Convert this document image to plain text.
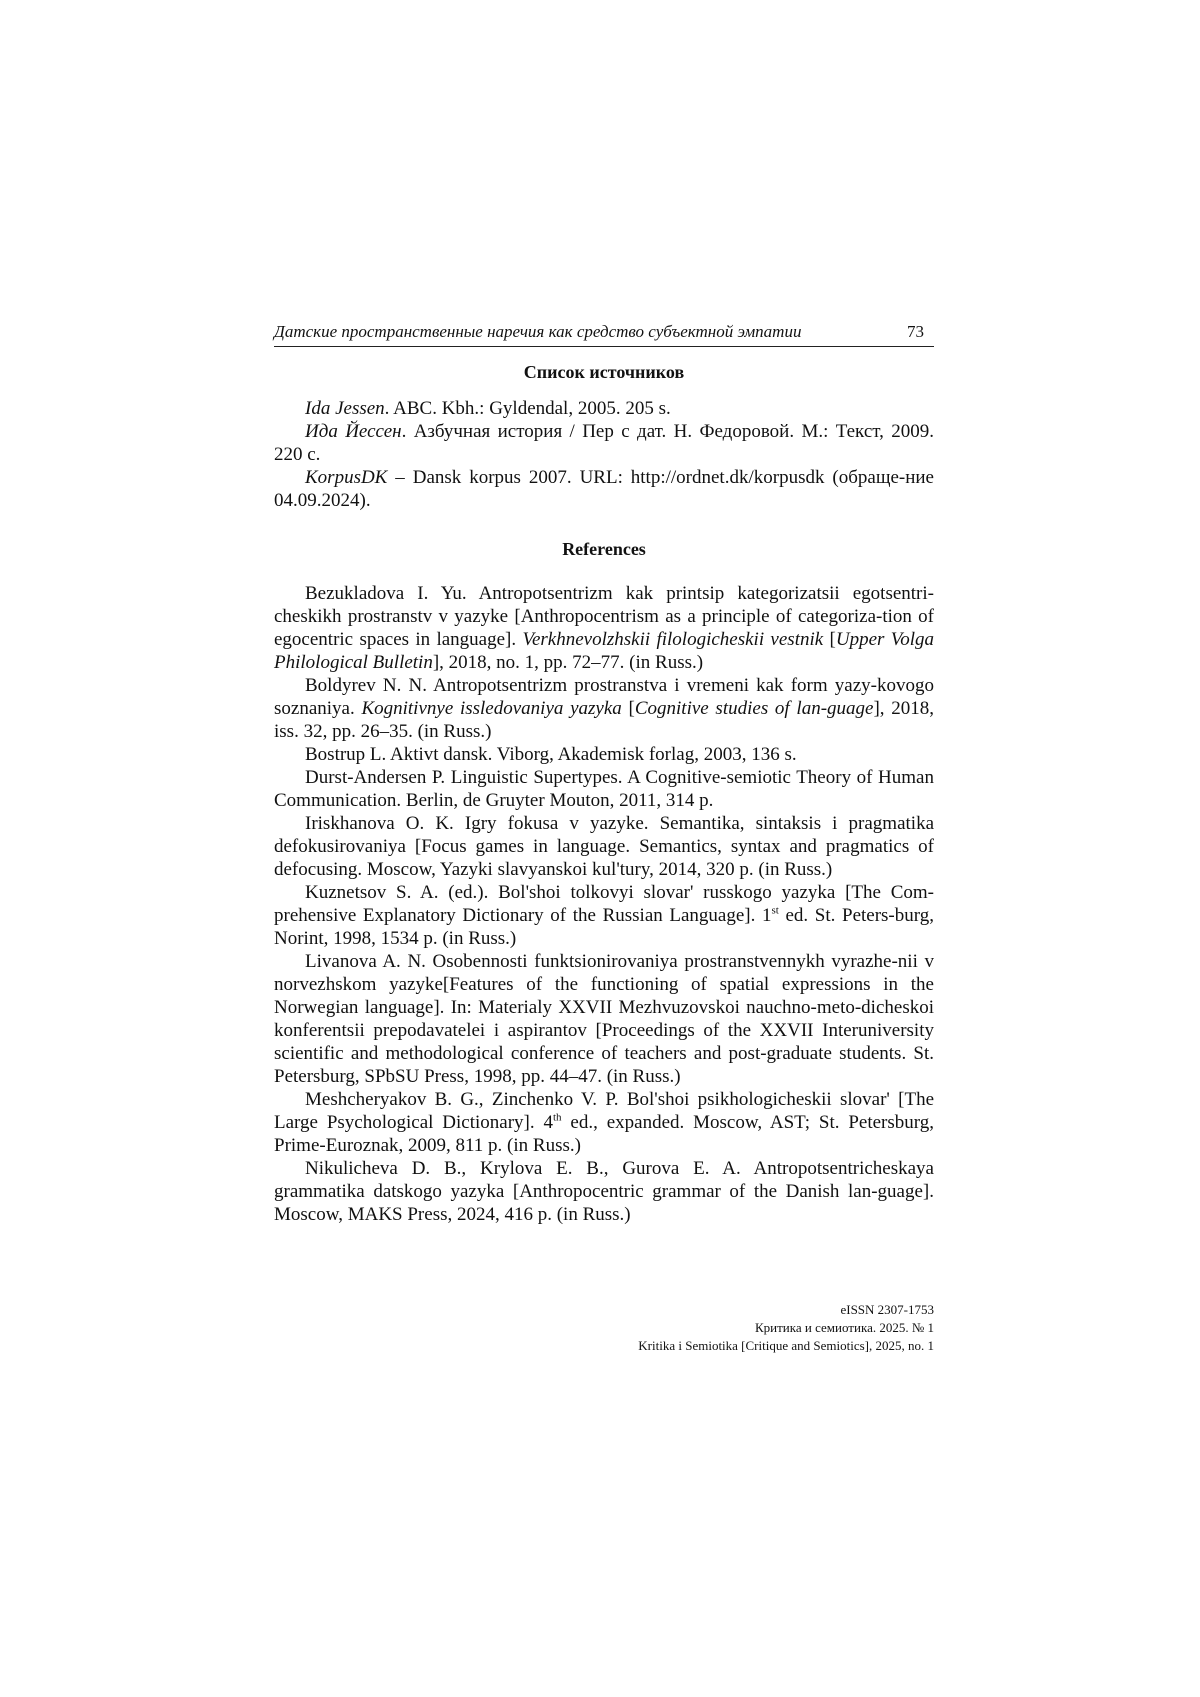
Датские пространственные наречия как средство субъектной эмпатии	73
Список источников

Ida Jessen. ABC. Kbh.: Gyldendal, 2005. 205 s.

Ида Йессен. Азбучная история / Пер с дат. Н. Федоровой. М.: Текст, 2009. 220 с.

KorpusDK – Dansk korpus 2007. URL: http://ordnet.dk/korpusdk (обраще-ние 04.09.2024).

References

Bezukladova I. Yu. Antropotsentrizm kak printsip kategorizatsii egotsentri-cheskikh prostranstv v yazyke [Anthropocentrism as a principle of categoriza-tion of egocentric spaces in language]. Verkhnevolzhskii filologicheskii vestnik [Upper Volga Philological Bulletin], 2018, no. 1, pp. 72–77. (in Russ.)

Boldyrev N. N. Antropotsentrizm prostranstva i vremeni kak form yazy-kovogo soznaniya. Kognitivnye issledovaniya yazyka [Cognitive studies of lan-guage], 2018, iss. 32, pp. 26–35. (in Russ.)

Bostrup L. Aktivt dansk. Viborg, Akademisk forlag, 2003, 136 s.

Durst-Andersen P. Linguistic Supertypes. A Cognitive-semiotic Theory of Human Communication. Berlin, de Gruyter Mouton, 2011, 314 p.

Iriskhanova O. K. Igry fokusa v yazyke. Semantika, sintaksis i pragmatika defokusirovaniya [Focus games in language. Semantics, syntax and pragmatics of defocusing. Moscow, Yazyki slavyanskoi kul'tury, 2014, 320 p. (in Russ.)

Kuznetsov S. A. (ed.). Bol'shoi tolkovyi slovar' russkogo yazyka [The Com-prehensive Explanatory Dictionary of the Russian Language]. 1st ed. St. Peters-burg, Norint, 1998, 1534 p. (in Russ.)

Livanova A. N. Osobennosti funktsionirovaniya prostranstvennykh vyrazhe-nii v norvezhskom yazyke[Features of the functioning of spatial expressions in the Norwegian language]. In: Materialy XXVII Mezhvuzovskoi nauchno-meto-dicheskoi konferentsii prepodavatelei i aspirantov [Proceedings of the XXVII Interuniversity scientific and methodological conference of teachers and post-graduate students. St. Petersburg, SPbSU Press, 1998, pp. 44–47. (in Russ.)

Meshcheryakov B. G., Zinchenko V. P. Bol'shoi psikhologicheskii slovar' [The Large Psychological Dictionary]. 4th ed., expanded. Moscow, AST; St. Petersburg, Prime-Euroznak, 2009, 811 p. (in Russ.)

Nikulicheva D. B., Krylova E. B., Gurova E. A. Antropotsentricheskaya grammatika datskogo yazyka [Anthropocentric grammar of the Danish lan-guage]. Moscow, MAKS Press, 2024, 416 p. (in Russ.)

eISSN 2307-1753
Критика и семиотика. 2025. № 1
Kritika i Semiotika [Critique and Semiotics], 2025, no. 1
